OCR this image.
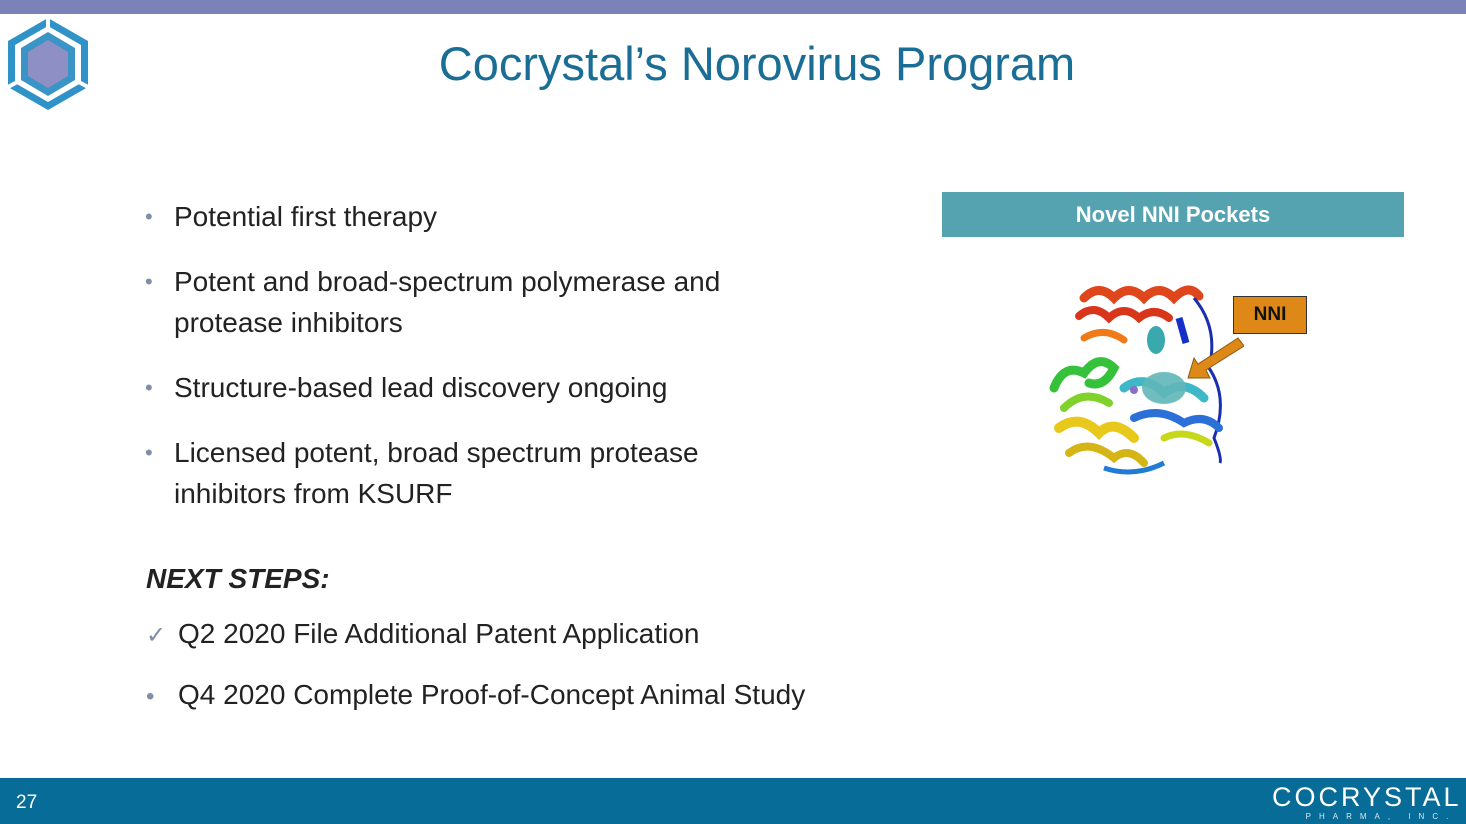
Cocrystal’s Norovirus Program
• Potential first therapy
• Potent and broad-spectrum polymerase and protease inhibitors
• Structure-based lead discovery ongoing
• Licensed potent, broad spectrum protease inhibitors from KSURF
NEXT STEPS:
✓ Q2 2020 File Additional Patent Application
• Q4 2020 Complete Proof-of-Concept Animal Study
Novel NNI Pockets
NNI
27	COCRYSTAL
PHARMA, INC.
